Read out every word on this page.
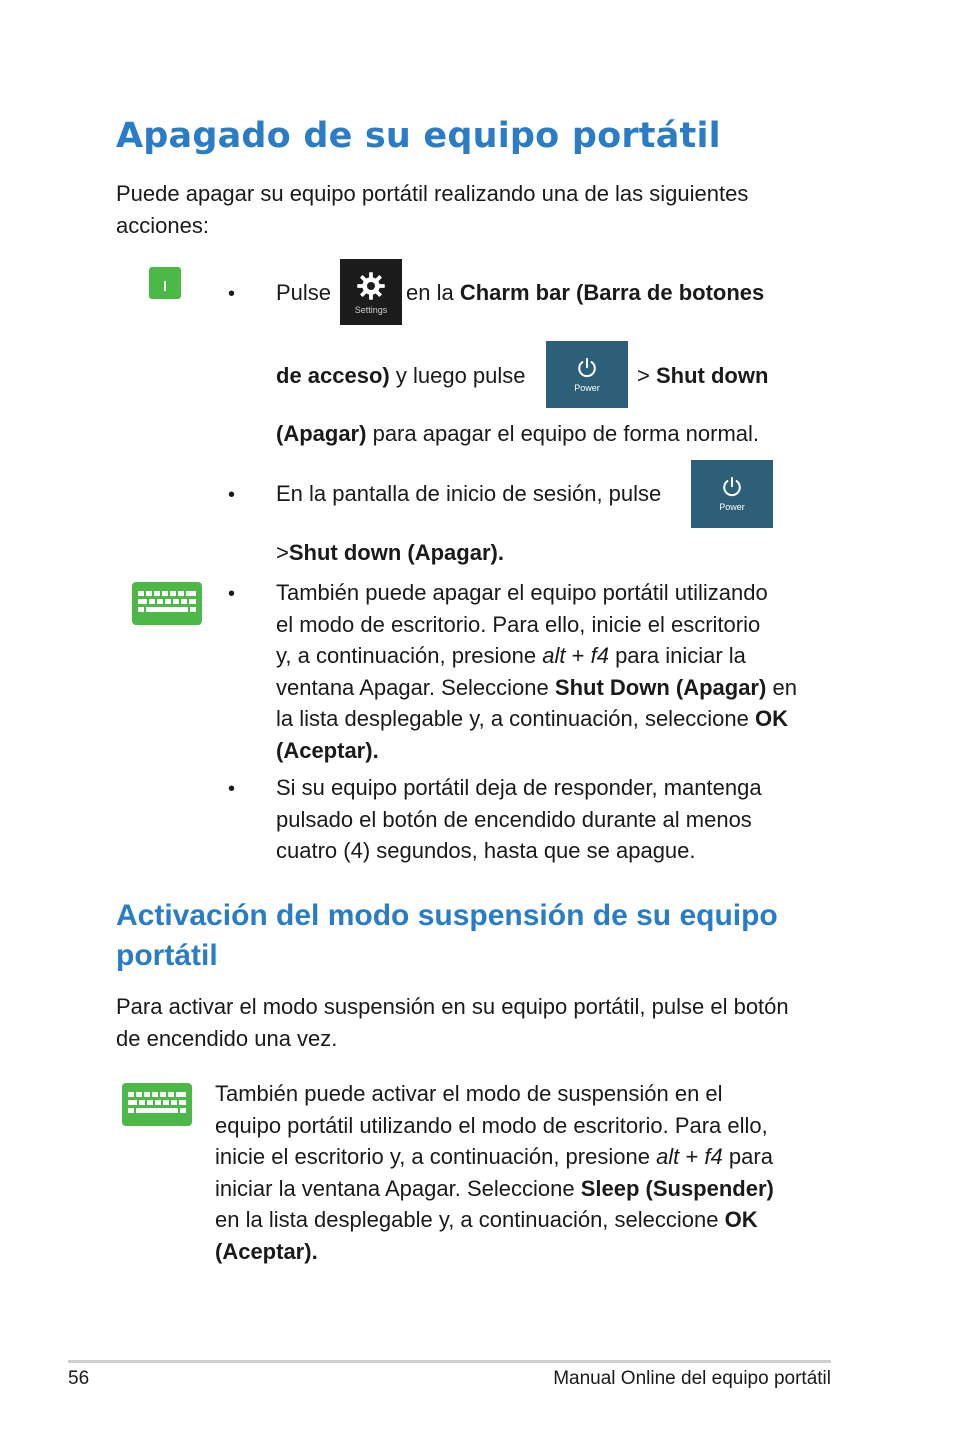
Apagado de su equipo portátil
Puede apagar su equipo portátil realizando una de las siguientes acciones:
• Pulse
Settings
en la Charm bar (Barra de botones
de acceso) y luego pulse	Power > Shut down
(Apagar) para apagar el equipo de forma normal.
• En la pantalla de inicio de sesión, pulse
Power
>Shut down (Apagar).
• También puede apagar el equipo portátil utilizando
el modo de escritorio. Para ello, inicie el escritorio
y, a continuación, presione alt + f4 para iniciar la
ventana Apagar. Seleccione Shut Down (Apagar) en
la lista desplegable y, a continuación, seleccione OK
(Aceptar).
• Si su equipo portátil deja de responder, mantenga
pulsado el botón de encendido durante al menos
cuatro (4) segundos, hasta que se apague.
Activación del modo suspensión de su equipo portátil
Para activar el modo suspensión en su equipo portátil, pulse el botón de encendido una vez.
También puede activar el modo de suspensión en el
equipo portátil utilizando el modo de escritorio. Para ello,
inicie el escritorio y, a continuación, presione alt + f4 para
iniciar la ventana Apagar. Seleccione Sleep (Suspender)
en la lista desplegable y, a continuación, seleccione OK
(Aceptar).
56	Manual Online del equipo portátil
